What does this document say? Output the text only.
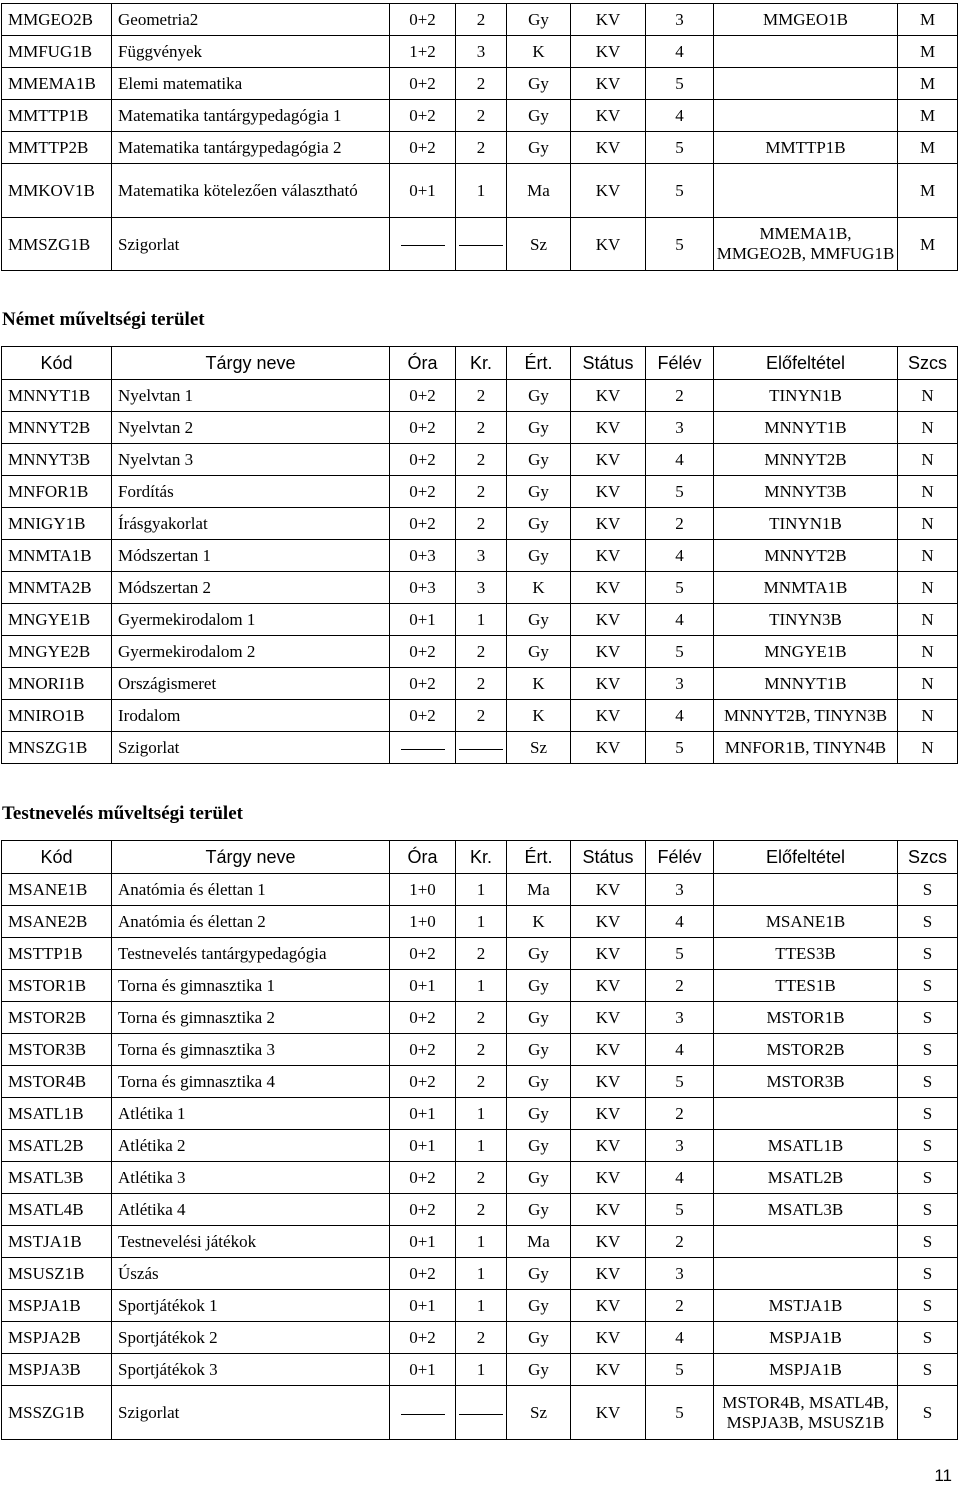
MMGEO2B	Geometria2	0+2	2	Gy	KV	3	MMGEO1B	M
MMFUG1B	Függvények	1+2	3	K	KV	4		M
MMEMA1B	Elemi matematika	0+2	2	Gy	KV	5		M
MMTTP1B	Matematika tantárgypedagógia 1	0+2	2	Gy	KV	4		M
MMTTP2B	Matematika tantárgypedagógia 2	0+2	2	Gy	KV	5	MMTTP1B	M
MMKOV1B	Matematika kötelezően választható	0+1	1	Ma	KV	5		M
MMSZG1B	Szigorlat			Sz	KV	5	MMEMA1B, MMGEO2B, MMFUG1B	M
Német műveltségi terület
Kód	Tárgy neve	Óra	Kr.	Ért.	Státus	Félév	Előfeltétel	Szcs
MNNYT1B	Nyelvtan 1	0+2	2	Gy	KV	2	TINYN1B	N
MNNYT2B	Nyelvtan 2	0+2	2	Gy	KV	3	MNNYT1B	N
MNNYT3B	Nyelvtan 3	0+2	2	Gy	KV	4	MNNYT2B	N
MNFOR1B	Fordítás	0+2	2	Gy	KV	5	MNNYT3B	N
MNIGY1B	Írásgyakorlat	0+2	2	Gy	KV	2	TINYN1B	N
MNMTA1B	Módszertan 1	0+3	3	Gy	KV	4	MNNYT2B	N
MNMTA2B	Módszertan 2	0+3	3	K	KV	5	MNMTA1B	N
MNGYE1B	Gyermekirodalom 1	0+1	1	Gy	KV	4	TINYN3B	N
MNGYE2B	Gyermekirodalom 2	0+2	2	Gy	KV	5	MNGYE1B	N
MNORI1B	Országismeret	0+2	2	K	KV	3	MNNYT1B	N
MNIRO1B	Irodalom	0+2	2	K	KV	4	MNNYT2B, TINYN3B	N
MNSZG1B	Szigorlat			Sz	KV	5	MNFOR1B, TINYN4B	N
Testnevelés műveltségi terület
Kód	Tárgy neve	Óra	Kr.	Ért.	Státus	Félév	Előfeltétel	Szcs
MSANE1B	Anatómia és élettan 1	1+0	1	Ma	KV	3		S
MSANE2B	Anatómia és élettan 2	1+0	1	K	KV	4	MSANE1B	S
MSTTP1B	Testnevelés tantárgypedagógia	0+2	2	Gy	KV	5	TTES3B	S
MSTOR1B	Torna és gimnasztika 1	0+1	1	Gy	KV	2	TTES1B	S
MSTOR2B	Torna és gimnasztika 2	0+2	2	Gy	KV	3	MSTOR1B	S
MSTOR3B	Torna és gimnasztika 3	0+2	2	Gy	KV	4	MSTOR2B	S
MSTOR4B	Torna és gimnasztika 4	0+2	2	Gy	KV	5	MSTOR3B	S
MSATL1B	Atlétika 1	0+1	1	Gy	KV	2		S
MSATL2B	Atlétika 2	0+1	1	Gy	KV	3	MSATL1B	S
MSATL3B	Atlétika 3	0+2	2	Gy	KV	4	MSATL2B	S
MSATL4B	Atlétika 4	0+2	2	Gy	KV	5	MSATL3B	S
MSTJA1B	Testnevelési játékok	0+1	1	Ma	KV	2		S
MSUSZ1B	Úszás	0+2	1	Gy	KV	3		S
MSPJA1B	Sportjátékok 1	0+1	1	Gy	KV	2	MSTJA1B	S
MSPJA2B	Sportjátékok 2	0+2	2	Gy	KV	4	MSPJA1B	S
MSPJA3B	Sportjátékok 3	0+1	1	Gy	KV	5	MSPJA1B	S
MSSZG1B	Szigorlat			Sz	KV	5	MSTOR4B, MSATL4B, MSPJA3B, MSUSZ1B	S
11
